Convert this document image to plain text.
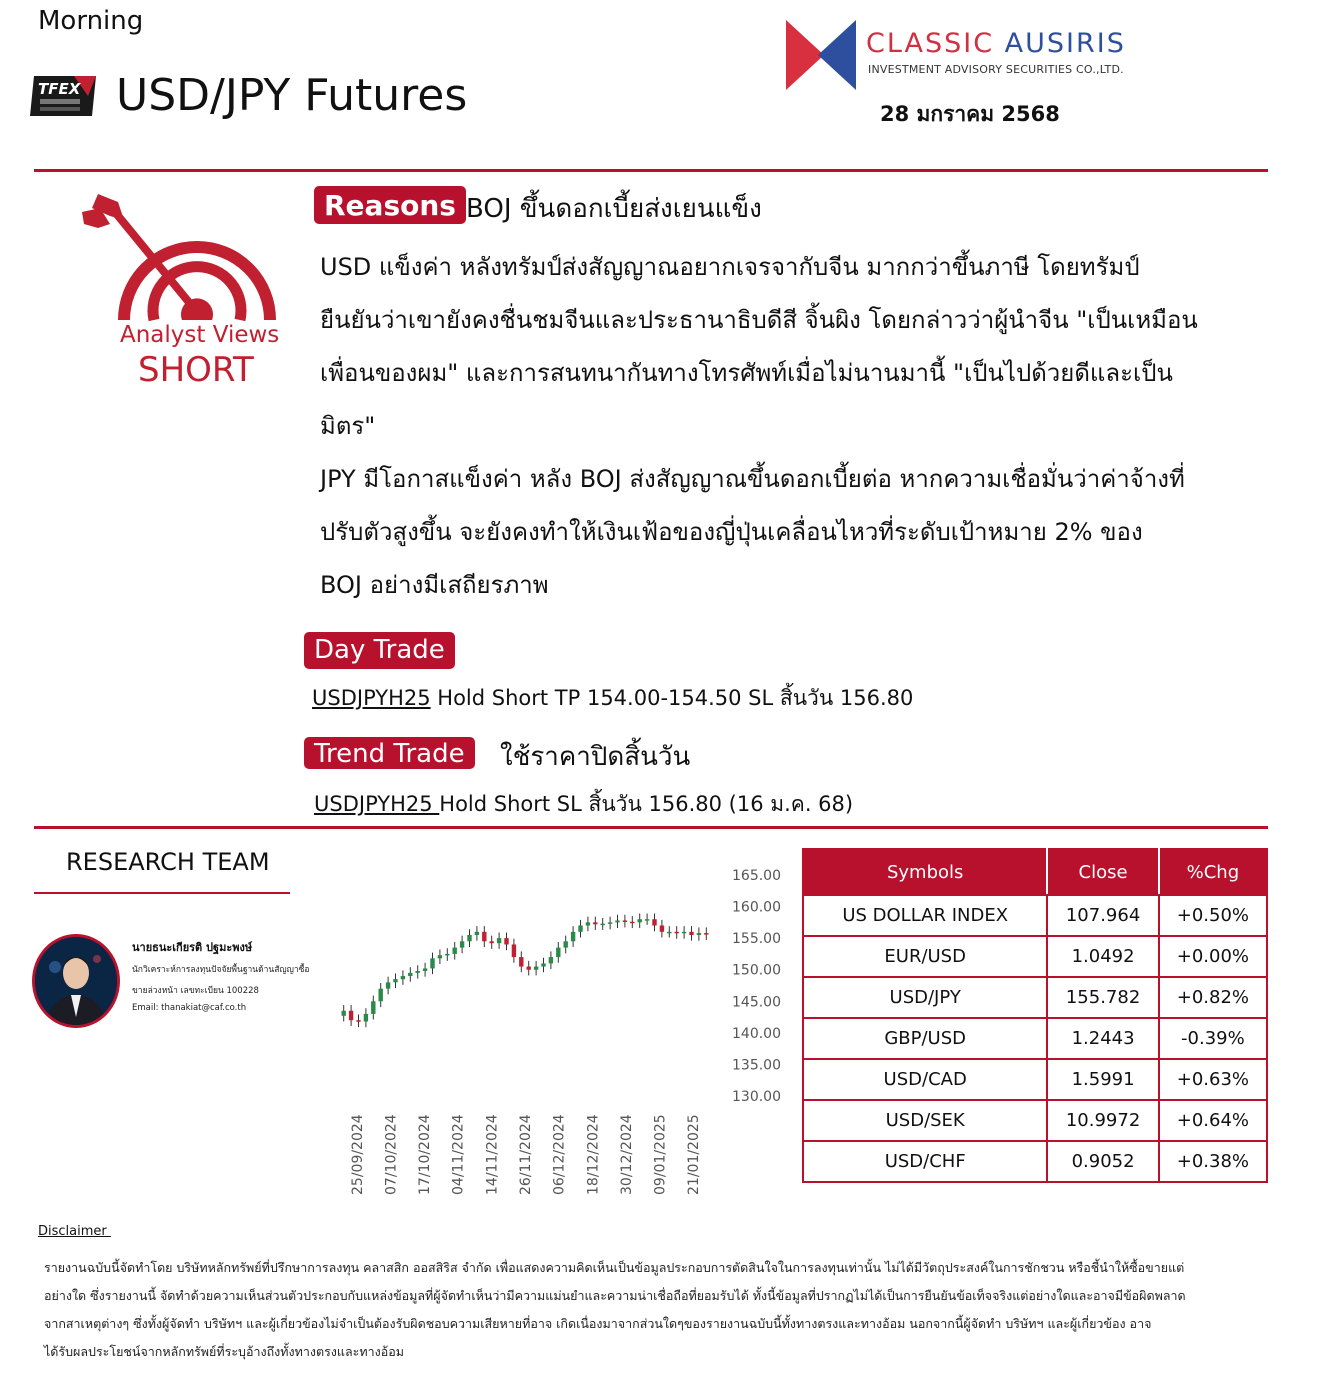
Morning
TFEX USD/JPY Futures
CLASSIC AUSIRIS
INVESTMENT ADVISORY SECURITIES CO.,LTD.
28 มกราคม 2568
Analyst Views
SHORT
Reasons BOJ ขึ้นดอกเบี้ยส่งเยนแข็ง
USD แข็งค่า หลังทรัมป์ส่งสัญญาณอยากเจรจากับจีน มากกว่าขึ้นภาษี โดยทรัมป์
ยืนยันว่าเขายังคงชื่นชมจีนและประธานาธิบดีสี จิ้นผิง โดยกล่าวว่าผู้นำจีน "เป็นเหมือน
เพื่อนของผม" และการสนทนากันทางโทรศัพท์เมื่อไม่นานมานี้ "เป็นไปด้วยดีและเป็น
มิตร"
JPY มีโอกาสแข็งค่า หลัง BOJ ส่งสัญญาณขึ้นดอกเบี้ยต่อ หากความเชื่อมั่นว่าค่าจ้างที่
ปรับตัวสูงขึ้น จะยังคงทำให้เงินเฟ้อของญี่ปุ่นเคลื่อนไหวที่ระดับเป้าหมาย 2% ของ
BOJ อย่างมีเสถียรภาพ
Day Trade
USDJPYH25 Hold Short TP 154.00-154.50 SL สิ้นวัน 156.80
Trend Trade	ใช้ราคาปิดสิ้นวัน
USDJPYH25 Hold Short SL สิ้นวัน 156.80 (16 ม.ค. 68)
RESEARCH TEAM
นายธนะเกียรติ ปฐมะพงษ์
นักวิเคราะห์การลงทุนปัจจัยพื้นฐานด้านสัญญาซื้อ
ขายล่วงหน้า เลขทะเบียน 100228
Email: thanakiat@caf.co.th
165.00
160.00
155.00
150.00
145.00
140.00
135.00
130.00
25/09/2024 07/10/2024 17/10/2024 04/11/2024 14/11/2024 26/11/2024 06/12/2024 18/12/2024 30/12/2024 09/01/2025 21/01/2025
Symbols	Close	%Chg
US DOLLAR INDEX	107.964	+0.50%
EUR/USD	1.0492	+0.00%
USD/JPY	155.782	+0.82%
GBP/USD	1.2443	-0.39%
USD/CAD	1.5991	+0.63%
USD/SEK	10.9972	+0.64%
USD/CHF	0.9052	+0.38%
Disclaimer
รายงานฉบับนี้จัดทำโดย บริษัทหลักทรัพย์ที่ปรึกษาการลงทุน คลาสสิก ออสสิริส จำกัด เพื่อแสดงความคิดเห็นเป็นข้อมูลประกอบการตัดสินใจในการลงทุนเท่านั้น ไม่ได้มีวัตถุประสงค์ในการชักชวน หรือชี้นำให้ซื้อขายแต่
อย่างใด ซึ่งรายงานนี้ จัดทำด้วยความเห็นส่วนตัวประกอบกับแหล่งข้อมูลที่ผู้จัดทำเห็นว่ามีความแม่นยำและความน่าเชื่อถือที่ยอมรับได้ ทั้งนี้ข้อมูลที่ปรากฏไม่ได้เป็นการยืนยันข้อเท็จจริงแต่อย่างใดและอาจมีข้อผิดพลาด
จากสาเหตุต่างๆ ซึ่งทั้งผู้จัดทำ บริษัทฯ และผู้เกี่ยวข้องไม่จำเป็นต้องรับผิดชอบความเสียหายที่อาจ เกิดเนื่องมาจากส่วนใดๆของรายงานฉบับนี้ทั้งทางตรงและทางอ้อม นอกจากนี้ผู้จัดทำ บริษัทฯ และผู้เกี่ยวข้อง อาจ
ได้รับผลประโยชน์จากหลักทรัพย์ที่ระบุอ้างถึงทั้งทางตรงและทางอ้อม
